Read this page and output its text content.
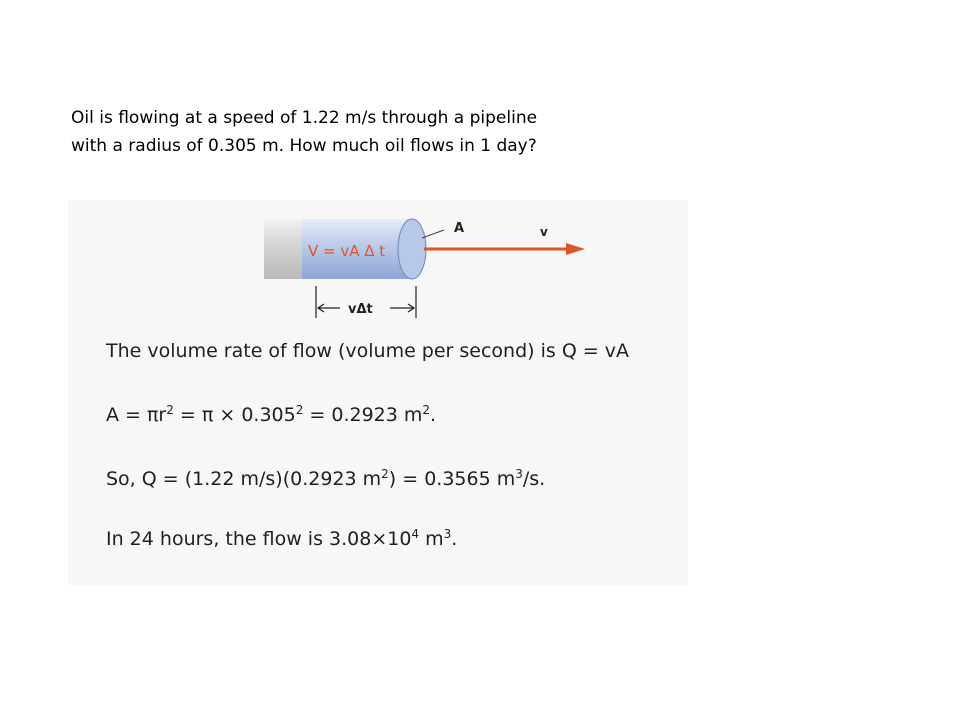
Oil is flowing at a speed of 1.22 m/s through a pipeline
with a radius of 0.305 m. How much oil flows in 1 day?
V = vA Δ t
A	v
vΔt
The volume rate of flow (volume per second) is Q = vA
$A = \pi r^2 = \pi \times 0.305^2 = 0.2923$ $m^2$.
So, Q = (1.22 m/s)(0.2923 $m^2) = 0.3565$ $m^3/s$.
In 24 hours, the flow is $3.08\times 10^4$ $m^3$.
